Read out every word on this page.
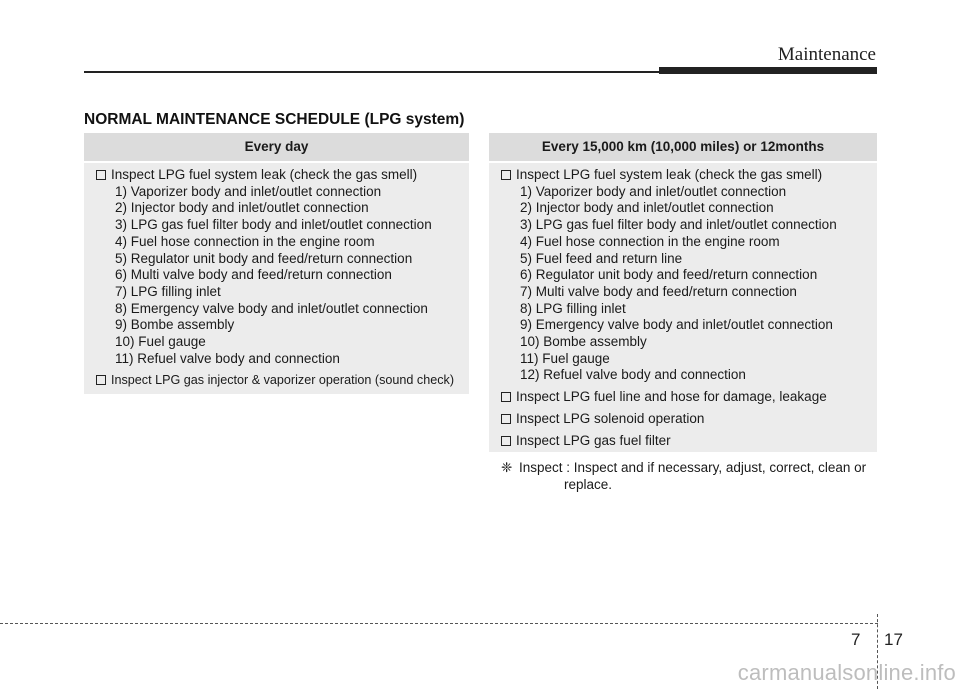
Maintenance
NORMAL MAINTENANCE SCHEDULE (LPG system)
Every day
Inspect LPG fuel system leak (check the gas smell)
1) Vaporizer body and inlet/outlet connection
2) Injector body and inlet/outlet connection
3) LPG gas fuel filter body and inlet/outlet connection
4) Fuel hose connection in the engine room
5) Regulator unit body and feed/return connection
6) Multi valve body and feed/return connection
7) LPG filling inlet
8) Emergency valve body and inlet/outlet connection
9) Bombe assembly
10) Fuel gauge
11) Refuel valve body and connection
Inspect LPG gas injector & vaporizer operation (sound check)
Every 15,000 km (10,000 miles) or 12months
Inspect LPG fuel system leak (check the gas smell)
1) Vaporizer body and inlet/outlet connection
2) Injector body and inlet/outlet connection
3) LPG gas fuel filter body and inlet/outlet connection
4) Fuel hose connection in the engine room
5) Fuel feed and return line
6) Regulator unit body and feed/return connection
7) Multi valve body and feed/return connection
8) LPG filling inlet
9) Emergency valve body and inlet/outlet connection
10) Bombe assembly
11) Fuel gauge
12) Refuel valve body and connection
Inspect LPG fuel line and hose for damage, leakage
Inspect LPG solenoid operation
Inspect LPG gas fuel filter
❈ Inspect : Inspect and if necessary, adjust, correct, clean or
replace.
7 17
carmanualsonline.info
